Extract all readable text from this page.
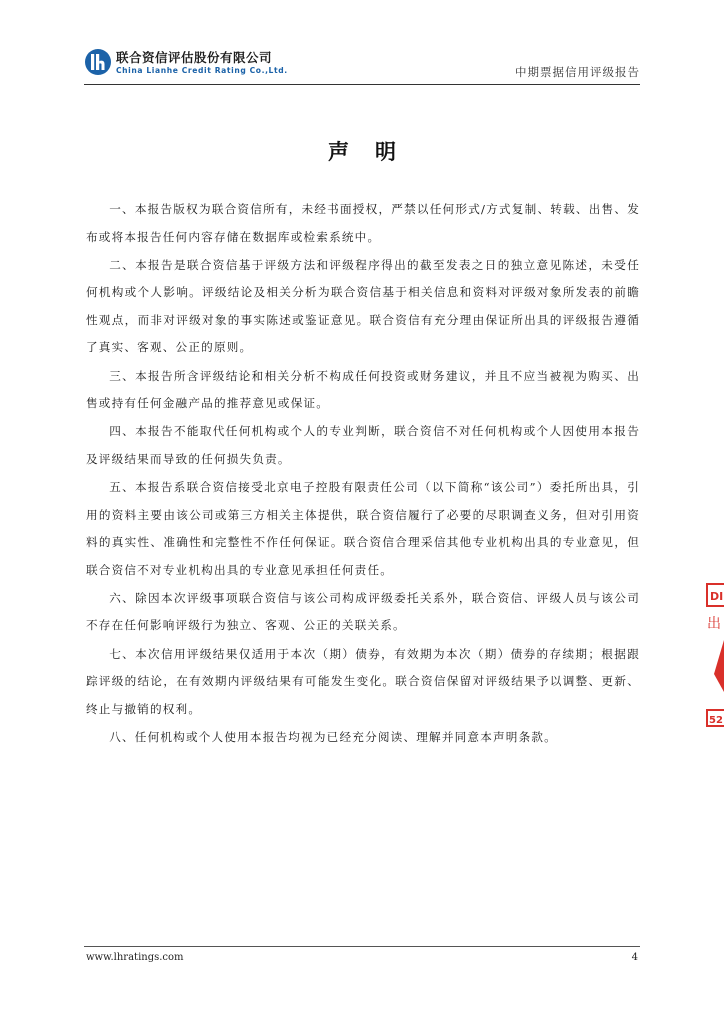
联合资信评估股份有限公司
China Lianhe Credit Rating Co.,Ltd.	中期票据信用评级报告
声明

一、本报告版权为联合资信所有，未经书面授权，严禁以任何形式/方式复制、转载、出售、发布或将本报告任何内容存储在数据库或检索系统中。

二、本报告是联合资信基于评级方法和评级程序得出的截至发表之日的独立意见陈述，未受任何机构或个人影响。评级结论及相关分析为联合资信基于相关信息和资料对评级对象所发表的前瞻性观点，而非对评级对象的事实陈述或鉴证意见。联合资信有充分理由保证所出具的评级报告遵循了真实、客观、公正的原则。

三、本报告所含评级结论和相关分析不构成任何投资或财务建议，并且不应当被视为购买、出售或持有任何金融产品的推荐意见或保证。

四、本报告不能取代任何机构或个人的专业判断，联合资信不对任何机构或个人因使用本报告及评级结果而导致的任何损失负责。

五、本报告系联合资信接受北京电子控股有限责任公司（以下简称“该公司”）委托所出具，引用的资料主要由该公司或第三方相关主体提供，联合资信履行了必要的尽职调查义务，但对引用资料的真实性、准确性和完整性不作任何保证。联合资信合理采信其他专业机构出具的专业意见，但联合资信不对专业机构出具的专业意见承担任何责任。

六、除因本次评级事项联合资信与该公司构成评级委托关系外，联合资信、评级人员与该公司不存在任何影响评级行为独立、客观、公正的关联关系。

七、本次信用评级结果仅适用于本次（期）债券，有效期为本次（期）债券的存续期；根据跟踪评级的结论，在有效期内评级结果有可能发生变化。联合资信保留对评级结果予以调整、更新、终止与撤销的权利。

八、任何机构或个人使用本报告均视为已经充分阅读、理解并同意本声明条款。

DI
出
52
www.lhratings.com	4
